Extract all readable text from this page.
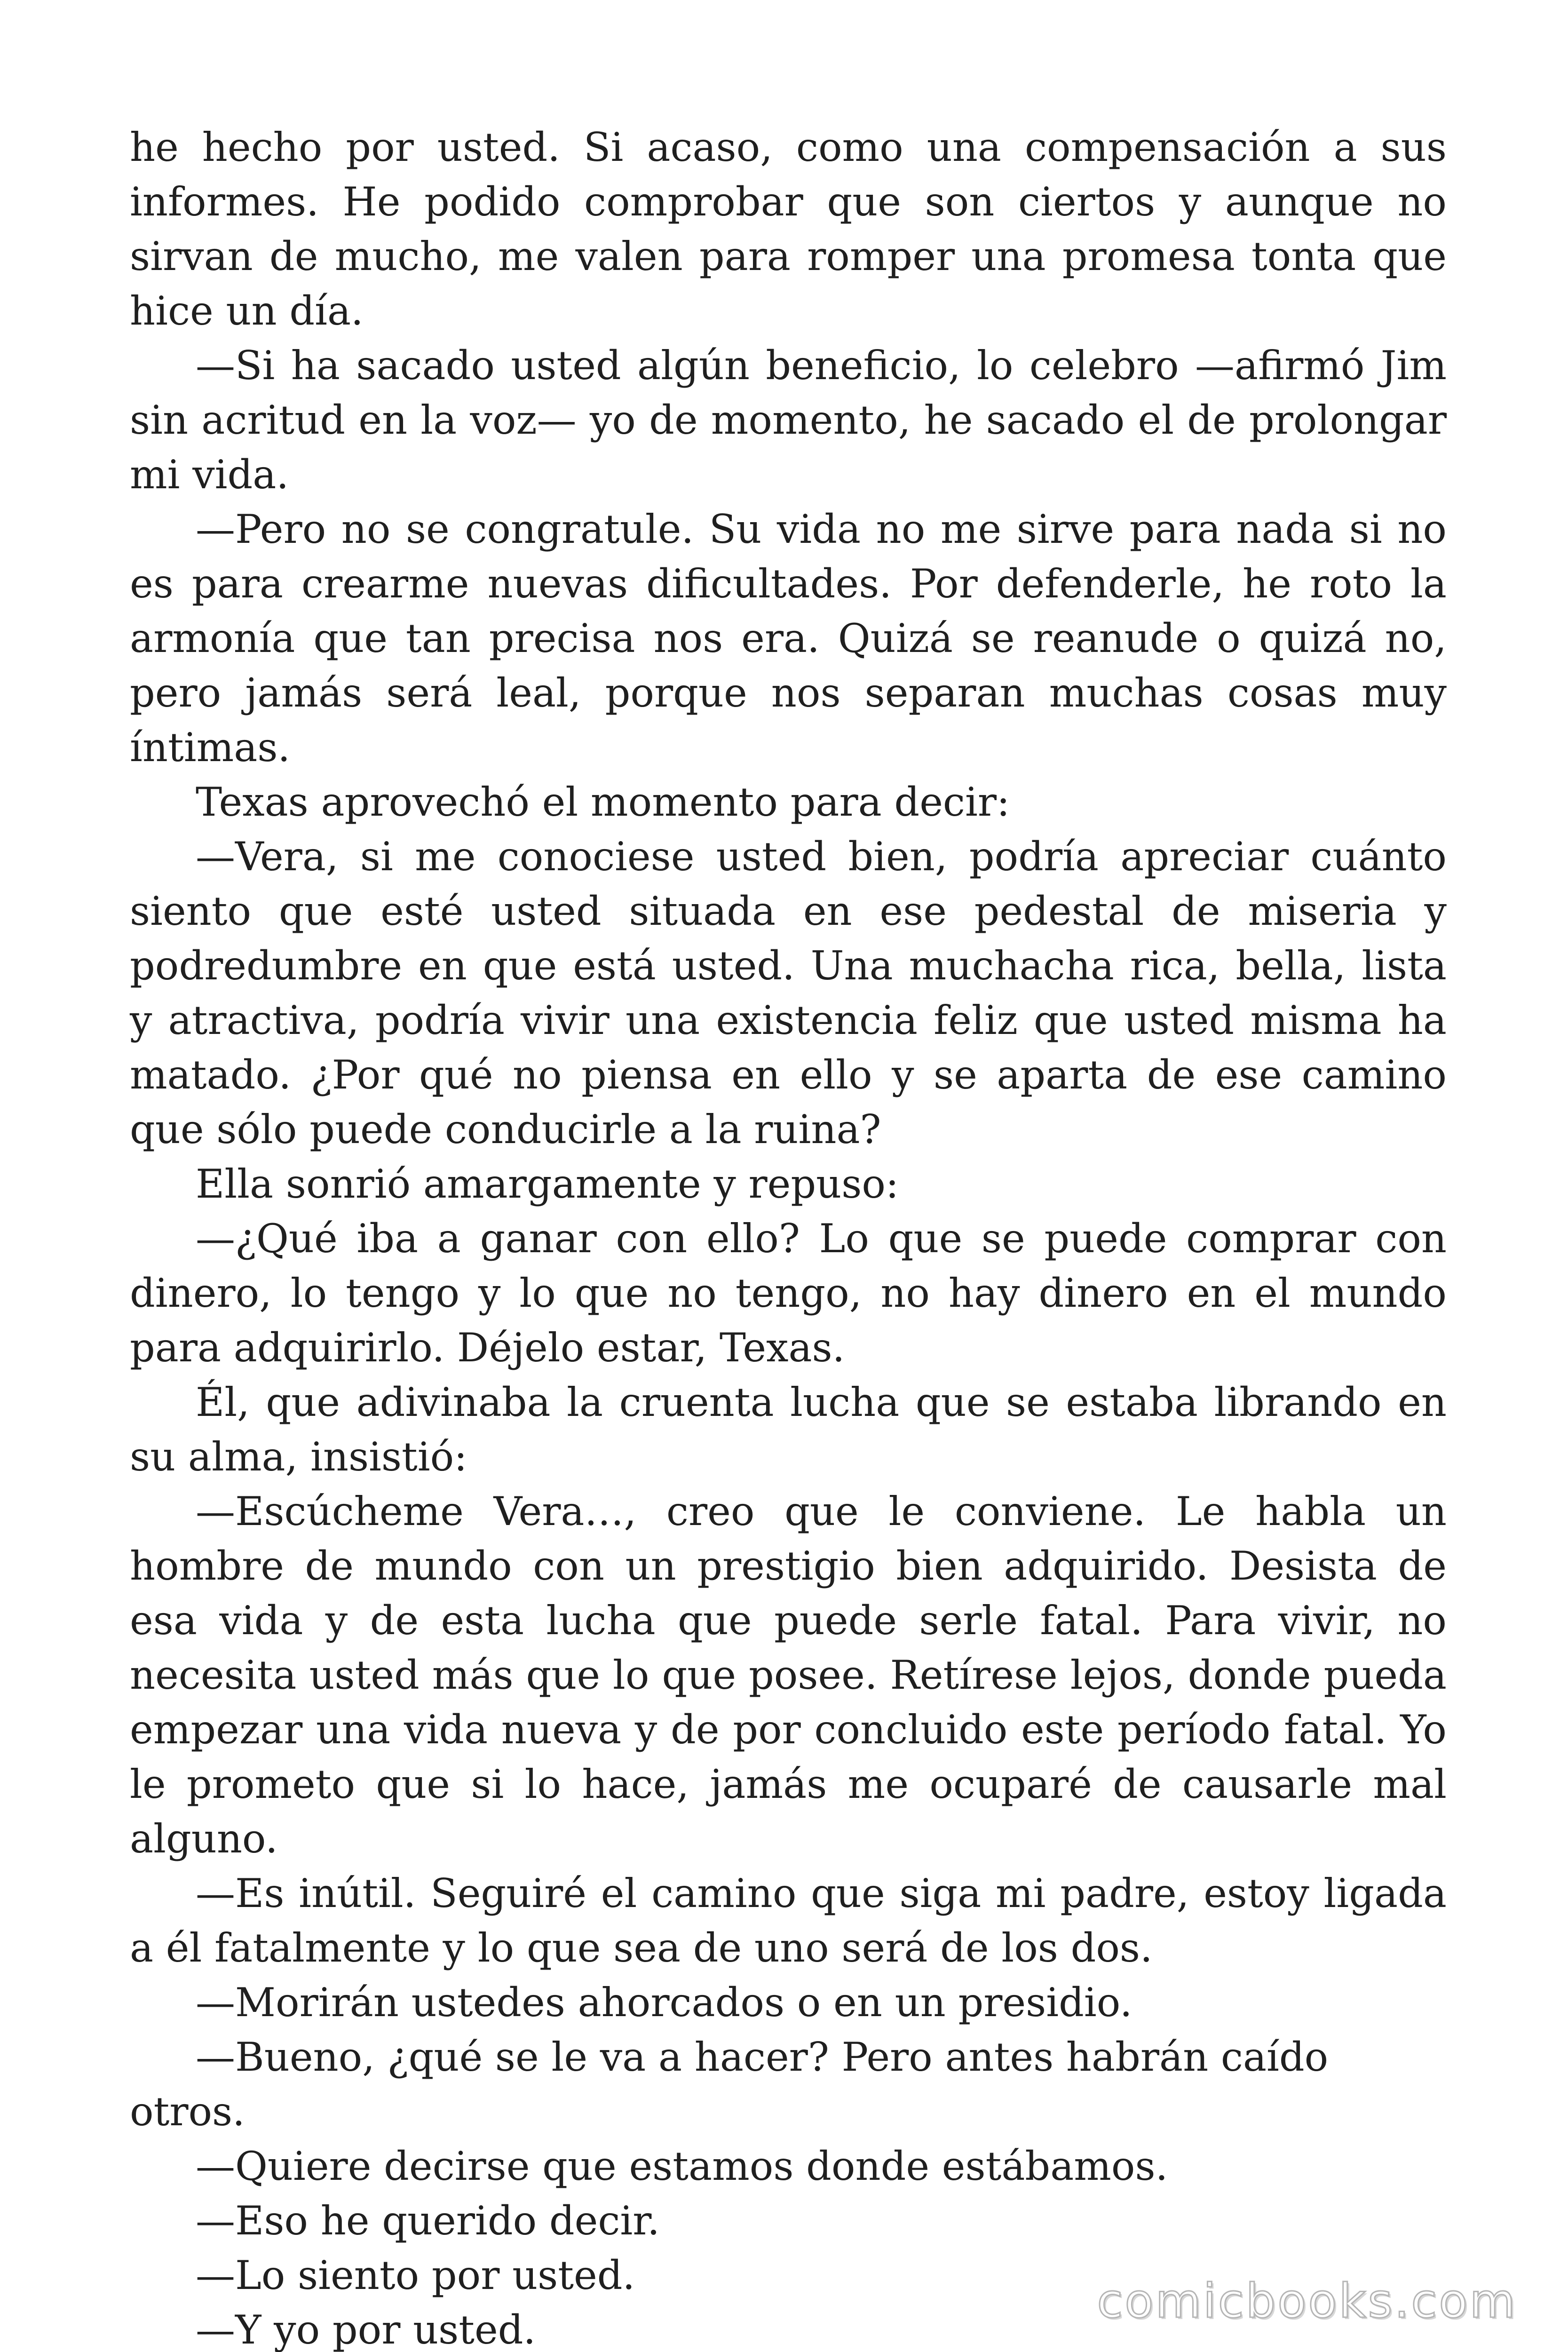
he hecho por usted. Si acaso, como una compensación a sus informes. He podido comprobar que son ciertos y aunque no sirvan de mucho, me valen para romper una promesa tonta que hice un día.

—Si ha sacado usted algún beneficio, lo celebro —afirmó Jim sin acritud en la voz— yo de momento, he sacado el de prolongar mi vida.

—Pero no se congratule. Su vida no me sirve para nada si no es para crearme nuevas dificultades. Por defenderle, he roto la armonía que tan precisa nos era. Quizá se reanude o quizá no, pero jamás será leal, porque nos separan muchas cosas muy íntimas.

Texas aprovechó el momento para decir:

—Vera, si me conociese usted bien, podría apreciar cuánto siento que esté usted situada en ese pedestal de miseria y podredumbre en que está usted. Una muchacha rica, bella, lista y atractiva, podría vivir una existencia feliz que usted misma ha matado. ¿Por qué no piensa en ello y se aparta de ese camino que sólo puede conducirle a la ruina?

Ella sonrió amargamente y repuso:

—¿Qué iba a ganar con ello? Lo que se puede comprar con dinero, lo tengo y lo que no tengo, no hay dinero en el mundo para adquirirlo. Déjelo estar, Texas.

Él, que adivinaba la cruenta lucha que se estaba librando en su alma, insistió:

—Escúcheme Vera…, creo que le conviene. Le habla un hombre de mundo con un prestigio bien adquirido. Desista de esa vida y de esta lucha que puede serle fatal. Para vivir, no necesita usted más que lo que posee. Retírese lejos, donde pueda empezar una vida nueva y de por concluido este período fatal. Yo le prometo que si lo hace, jamás me ocuparé de causarle mal alguno.

—Es inútil. Seguiré el camino que siga mi padre, estoy ligada a él fatalmente y lo que sea de uno será de los dos.

—Morirán ustedes ahorcados o en un presidio.

—Bueno, ¿qué se le va a hacer? Pero antes habrán caído otros.

—Quiere decirse que estamos donde estábamos.

—Eso he querido decir.

—Lo siento por usted.

—Y yo por usted.

comicbooks.com
